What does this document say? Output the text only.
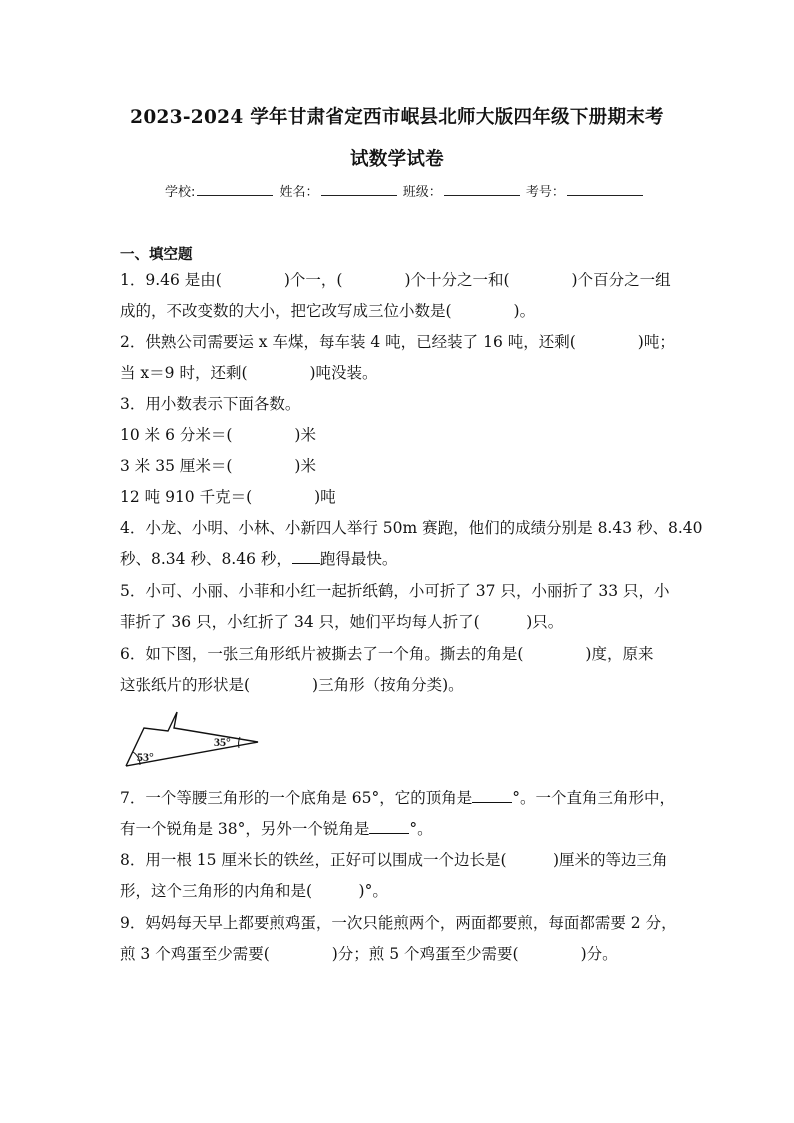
2023-2024 学年甘肃省定西市岷县北师大版四年级下册期末考
试数学试卷
学校:	姓名：	班级：	考号：
一、填空题
1．9.46 是由(　　　　)个一，(　　　　)个十分之一和(　　　　)个百分之一组
成的，不改变数的大小，把它改写成三位小数是(　　　　)。
2．供熟公司需要运 x 车煤，每车装 4 吨，已经装了 16 吨，还剩(　　　　)吨；
当 x＝9 时，还剩(　　　　)吨没装。
3．用小数表示下面各数。
10 米 6 分米＝(　　　　)米
3 米 35 厘米＝(　　　　)米
12 吨 910 千克＝(　　　　)吨
4．小龙、小明、小林、小新四人举行 50m 赛跑，他们的成绩分别是 8.43 秒、8.40
秒、8.34 秒、8.46 秒， 跑得最快。
5．小可、小丽、小菲和小红一起折纸鹤，小可折了 37 只，小丽折了 33 只，小
菲折了 36 只，小红折了 34 只，她们平均每人折了(　　　)只。
6．如下图，一张三角形纸片被撕去了一个角。撕去的角是(　　　　)度，原来
这张纸片的形状是(　　　　)三角形（按角分类)。
53°
35°
7．一个等腰三角形的一个底角是 65°，它的顶角是	°。一个直角三角形中，
有一个锐角是 38°，另外一个锐角是	°。
8．用一根 15 厘米长的铁丝，正好可以围成一个边长是(　　　)厘米的等边三角
形，这个三角形的内角和是(　　　)°。
9．妈妈每天早上都要煎鸡蛋，一次只能煎两个，两面都要煎，每面都需要 2 分，
煎 3 个鸡蛋至少需要(　　　　)分；煎 5 个鸡蛋至少需要(　　　　)分。
